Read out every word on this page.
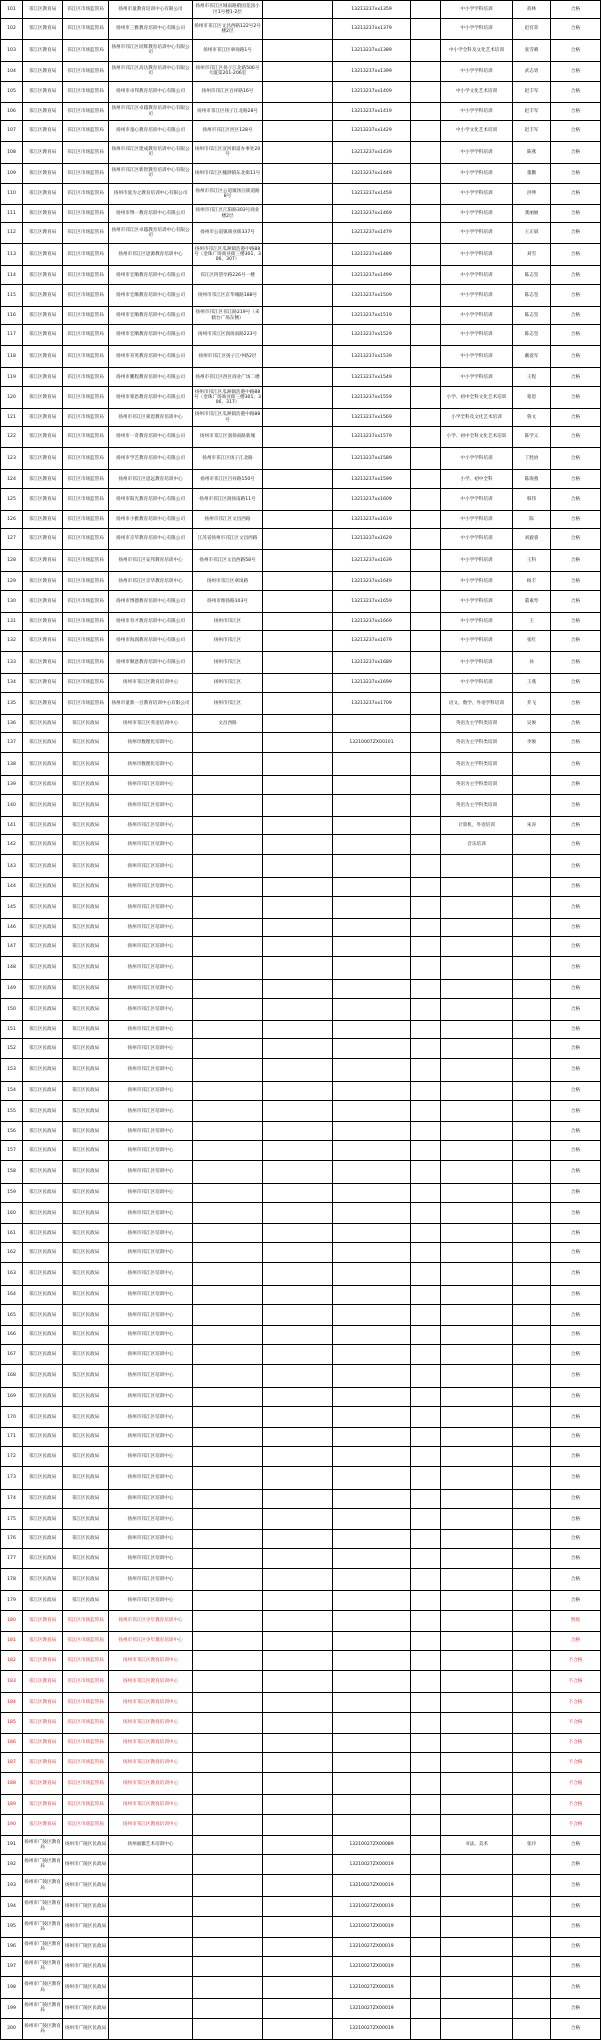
101	邗江区教育局	邗江区市场监管局	扬州市童教育培训中心有限公司	扬州市邗江区城南路蔚园花园小区1号楼1-2层		13213237xx1359		中小学学科培训	蒋林	合格
102	邗江区教育局	邗江区市场监管局	扬州市三雅教育培训中心有限公司	扬州市邗江区文昌西路122号2号楼2层		13213237xx1379		中小学学科培训	赵有荣	合格
103	邗江区教育局	邗江区市场监管局	扬州市邗江区同辉教育培训中心有限公司	扬州市邗江区翠岗路1号		13213237xx1389		中小学全科及文化艺术培训	张雪晴	合格
104	邗江区教育局	邗江区市场监管局	扬州市邗江区高达教育培训中心有限公司	扬州市邗江区扬子江北路506号大厦第201-206室		13213237xx1399		中小学学科培训	武志勇	合格
105	邗江区教育局	邗江区市场监管局	扬州市卓邦教育培训中心有限公司	扬州市邗江区百祥路16号		13213237xx1409		中小学文化艺术培训	赵丰军	合格
106	邗江区教育局	邗江区市场监管局	扬州市邗江区卓越教育培训中心有限公司	扬州市邗江区扬子江北路28号		13213237xx1419		中小学学科培训	赵丰军	合格
107	邗江区教育局	邗江区市场监管局	扬州市童心教育培训中心有限公司	扬州市邗江区西区128号		13213237xx1429		中小学文化艺术培训	赵丰军	合格
108	邗江区教育局	邗江区市场监管局	扬州市邗江区建成教育培训中心有限公司	扬州市邗江区汊河街道办事处20号		13213237xx1439		中小学学科培训	陈燕	合格
109	邗江区教育局	邗江区市场监管局	扬州市邗江区新智教育培训中心有限公司	扬州市邗江区槐泗镇东北街11号		13213237xx1449		中小学学科培训	蕫鹏	合格
110	邗江区教育局	邗江区市场监管局	扬州市爱为之教育培训中心有限公司	扬州市邗江区公道镇汤汪街道路8号		13213237xx1459		中小学学科培训	洪坤	合格
111	邗江区教育局	邗江区市场监管局	扬州市博一教育培训中心有限公司	扬州市邗江区江阳路303号商业楼2层		13213237xx1469		中小学学科培训	龚丽丽	合格
112	邗江区教育局	邗江区市场监管局	扬州市邗江区卓越教育培训中心有限公司	扬州市公道镇商业街337号		13213237xx1479		中小学学科培训	王正斌	合格
113	邗江区教育局	邗江区市场监管局	扬州市邗江区思源教育培训中心	扬州市邗江区瓜洲镇浩港中路88号（金珠广场商业街三楼301、306、307）		13213237xx1489		中小学学科培训	刘雪	合格
114	邗江区教育局	邗江区市场监管局	扬州市宏顺教育培训中心有限公司	邗江区四望亭路226号一楼		13213237xx1499		中小学学科培训	陈志坚	合格
115	邗江区教育局	邗江区市场监管局	扬州市宏顺教育培训中心有限公司	扬州市邗江区京华城路188号		13213237xx1509		中小学学科培训	陈志坚	合格
116	邗江区教育局	邗江区市场监管局	扬州市宏顺教育培训中心有限公司	扬州市邗江区邗江路219号（来鹤台广场东侧）		13213237xx1519		中小学学科培训	陈志坚	合格
117	邗江区教育局	邗江区市场监管局	扬州市宏顺教育培训中心有限公司	扬州市邗江区润扬南路223号		13213237xx1529		中小学学科培训	陈志坚	合格
118	邗江区教育局	邗江区市场监管局	扬州市育英教育培训中心有限公司	扬州市邗江区扬子江中路2层		13213237xx1539		中小学学科培训	戴爱军	合格
119	邗江区教育局	邗江区市场监管局	扬州市鹏程教育培训中心有限公司	扬州市邗江区西区商业广场二楼		13213237xx1549		中小学学科培训	王程	合格
120	邗江区教育局	邗江区市场监管局	扬州市蒙恩教育培训中心有限公司	扬州市邗江区瓜洲镇浩港中路88号（金珠广场商业街三楼301、306、317）		13213237xx1559		小学、初中全科文化艺术培训	蒙恩	合格
121	邗江区教育局	邗江区市场监管局	扬州市邗江区蒙恩教育培训中心	扬州市邗江区瓜洲镇浩港中路88号		13213237xx1569		小学全科及文化艺术培训	鲁文	合格
122	邗江区教育局	邗江区市场监管局	扬州市一奇教育培训中心有限公司	扬州市邗江区润扬南路新城		13213237xx1579		小学、初中全科文化艺术培训	陈学义	合格
123	邗江区教育局	邗江区市场监管局	扬州市学艺教育培训中心有限公司	扬州市邗江区扬子江北路		13213237xx1589		中小学学科培训	丁胜协	合格
124	邗江区教育局	邗江区市场监管局	扬州市邗江区思远教育培训中心	扬州市邗江区百祥路150号		13213237xx1599		小学、初中全科	陈海燕	合格
125	邗江区教育局	邗江区市场监管局	扬州市阳光教育培训中心有限公司	扬州市邗江区润扬南路11号		13213237xx1609		中小学学科培训	韩伟	合格
126	邗江区教育局	邗江区市场监管局	扬州市小雅教育培训中心有限公司	扬州市邗江区文昌西路		13213237xx1619		中小学学科培训	陈	合格
127	邗江区教育局	邗江区市场监管局	扬州市京华教育培训中心有限公司	江苏省扬州市邗江区文昌西路		13213237xx1629		中小学学科培训	刘毅睿	合格
128	邗江区教育局	邗江区市场监管局	扬州市邗江区安邦教育培训中心	扬州市邗江区文昌西路58号		13213237xx1639		中小学学科培训	王科	合格
129	邗江区教育局	邗江区市场监管局	扬州市邗江区京华教育培训中心	扬州市邗江区翠岗路		13213237xx1649		中小学学科培训	杨丰	合格
130	邗江区教育局	邗江区市场监管局	扬州市博德教育培训中心有限公司	扬州市维扬路103号		13213237xx1659		中小学学科培训	董素琴	合格
131	邗江区教育局	邗江区市场监管局	扬州市育才教育培训中心有限公司	扬州市邗江区		13213237xx1669		中小学学科培训	王	合格
132	邗江区教育局	邗江区市场监管局	扬州市海润教育培训中心有限公司	扬州市邗江区		13213237xx1679		中小学学科培训	张红	合格
133	邗江区教育局	邗江区市场监管局	扬州市顺意教育培训中心有限公司	扬州市邗江区		13213237xx1689		中小学学科培训	孙	合格
134	邗江区教育局	邗江区市场监管局	扬州市邗江区教育培训中心	扬州市邗江区		13213237xx1699		中小学学科培训	王燕	合格
135	邗江区教育局	邗江区市场监管局	扬州市童新一百教育培训中心有限公司	扬州市邗江区		13213237xx1709		语文、数学、外语学科培训	乔飞	合格
136	邗江区民政局	邗江区民政局	扬州市邗江区英语培训中心	文昌西路				英语为主学科类培训	吴俊	合格
137	邗江区民政局	邗江区民政局	扬州市数理化培训中心			13210007ZX00101		英语为主学科类培训	李俊	合格
138	邗江区民政局	邗江区民政局	扬州市数理化培训中心					英语为主学科类培训		合格
139	邗江区民政局	邗江区民政局	扬州市邗江区培训中心					英语为主学科类培训		合格
140	邗江区民政局	邗江区民政局	扬州市邗江区培训中心					英语为主学科类培训		合格
141	邗江区民政局	邗江区民政局	扬州市邗江区培训中心					计算机、外语培训	朱涛	合格
142	邗江区民政局	邗江区民政局	扬州市邗江区培训中心					音乐培训		合格
143	邗江区民政局	邗江区民政局	扬州市邗江区培训中心							合格
144	邗江区民政局	邗江区民政局	扬州市邗江区培训中心							合格
145	邗江区民政局	邗江区民政局	扬州市邗江区培训中心							合格
146	邗江区民政局	邗江区民政局	扬州市邗江区培训中心							合格
147	邗江区民政局	邗江区民政局	扬州市邗江区培训中心							合格
148	邗江区民政局	邗江区民政局	扬州市邗江区培训中心							合格
149	邗江区民政局	邗江区民政局	扬州市邗江区培训中心							合格
150	邗江区民政局	邗江区民政局	扬州市邗江区培训中心							合格
151	邗江区民政局	邗江区民政局	扬州市邗江区培训中心							合格
152	邗江区民政局	邗江区民政局	扬州市邗江区培训中心							合格
153	邗江区民政局	邗江区民政局	扬州市邗江区培训中心							合格
154	邗江区民政局	邗江区民政局	扬州市邗江区培训中心							合格
155	邗江区民政局	邗江区民政局	扬州市邗江区培训中心							合格
156	邗江区民政局	邗江区民政局	扬州市邗江区培训中心							合格
157	邗江区民政局	邗江区民政局	扬州市邗江区培训中心							合格
158	邗江区民政局	邗江区民政局	扬州市邗江区培训中心							合格
159	邗江区民政局	邗江区民政局	扬州市邗江区培训中心							合格
160	邗江区民政局	邗江区民政局	扬州市邗江区培训中心							合格
161	邗江区民政局	邗江区民政局	扬州市邗江区培训中心							合格
162	邗江区民政局	邗江区民政局	扬州市邗江区培训中心							合格
163	邗江区民政局	邗江区民政局	扬州市邗江区培训中心							合格
164	邗江区民政局	邗江区民政局	扬州市邗江区培训中心							合格
165	邗江区民政局	邗江区民政局	扬州市邗江区培训中心							合格
166	邗江区民政局	邗江区民政局	扬州市邗江区培训中心							合格
167	邗江区民政局	邗江区民政局	扬州市邗江区培训中心							合格
168	邗江区民政局	邗江区民政局	扬州市邗江区培训中心							合格
169	邗江区民政局	邗江区民政局	扬州市邗江区培训中心							合格
170	邗江区民政局	邗江区民政局	扬州市邗江区培训中心							合格
171	邗江区民政局	邗江区民政局	扬州市邗江区培训中心							合格
172	邗江区民政局	邗江区民政局	扬州市邗江区培训中心							合格
173	邗江区民政局	邗江区民政局	扬州市邗江区培训中心							合格
174	邗江区民政局	邗江区民政局	扬州市邗江区培训中心							合格
175	邗江区民政局	邗江区民政局	扬州市邗江区培训中心							合格
176	邗江区民政局	邗江区民政局	扬州市邗江区培训中心							合格
177	邗江区民政局	邗江区民政局	扬州市邗江区培训中心							合格
178	邗江区民政局	邗江区民政局	扬州市邗江区培训中心							合格
179	邗江区民政局	邗江区民政局	扬州市邗江区培训中心							合格
180	邗江区教育局	邗江区市场监管局	扬州市邗江区少年教育培训中心							暂缓
181	邗江区教育局	邗江区市场监管局	扬州市邗江区少年教育培训中心							合格
182	邗江区教育局	邗江区市场监管局	扬州市邗江区教育培训中心							不合格
183	邗江区教育局	邗江区市场监管局	扬州市邗江区教育培训中心							不合格
184	邗江区教育局	邗江区市场监管局	扬州市邗江区教育培训中心							不合格
185	邗江区教育局	邗江区市场监管局	扬州市邗江区教育培训中心							不合格
186	邗江区教育局	邗江区市场监管局	扬州市邗江区教育培训中心							不合格
187	邗江区教育局	邗江区市场监管局	扬州市邗江区教育培训中心							不合格
188	邗江区教育局	邗江区市场监管局	扬州市邗江区教育培训中心							不合格
189	邗江区教育局	邗江区市场监管局	扬州市邗江区教育培训中心							不合格
190	邗江区教育局	邗江区市场监管局	扬州市邗江区教育培训中心							不合格
191	扬州市广陵区教育局	扬州市广陵区民政局	扬州福徽艺术培训中心			13210027ZX00089		书法、美术	张玲	合格
192	扬州市广陵区教育局	扬州市广陵区民政局				13210027ZX00019				合格
193	扬州市广陵区教育局	扬州市广陵区民政局				13210027ZX00019				合格
194	扬州市广陵区教育局	扬州市广陵区民政局				13210027ZX00019				合格
195	扬州市广陵区教育局	扬州市广陵区民政局				13210027ZX00019				合格
196	扬州市广陵区教育局	扬州市广陵区民政局				13210027ZX00019				合格
197	扬州市广陵区教育局	扬州市广陵区民政局				13210027ZX00019				合格
198	扬州市广陵区教育局	扬州市广陵区民政局				13210027ZX00019				合格
199	扬州市广陵区教育局	扬州市广陵区民政局				13210027ZX00019				合格
200	扬州市广陵区教育局	扬州市广陵区民政局				13210027ZX00019				合格
